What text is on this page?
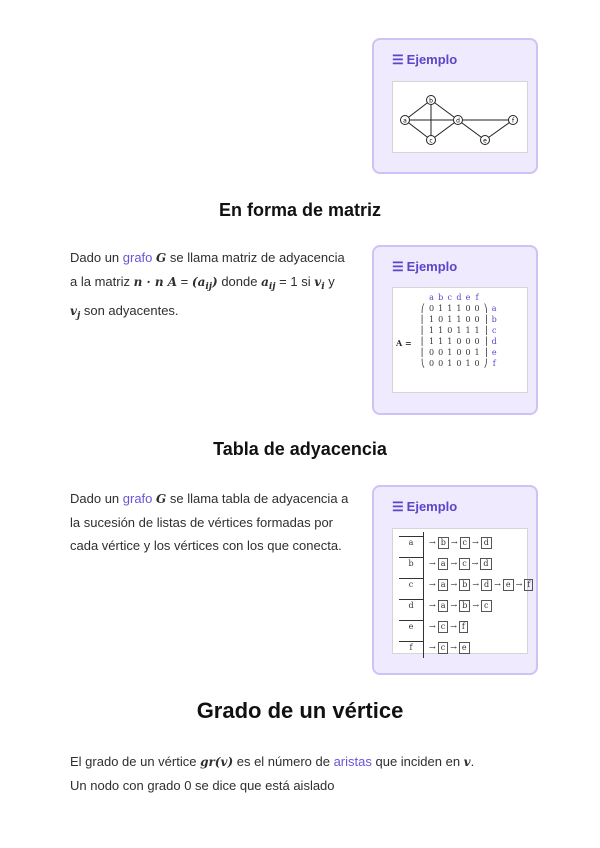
☰ Ejemplo
a
b
c
d
e
f
En forma de matriz
Dado un grafo G se llama matriz de adyacencia a la matriz n · n $A = (a_{ij})$ donde $a_{ij} = 1$ si $v_i$ y $v_j$ son adyacentes.
☰ Ejemplo
A =
	a	b	c	d	e	f		
⎛	0	1	1	1	0	0	⎞	a
⎜	1	0	1	1	0	0	⎟	b
⎜	1	1	0	1	1	1	⎟	c
⎜	1	1	1	0	0	0	⎟	d
⎜	0	0	1	0	0	1	⎟	e
⎝	0	0	1	0	1	0	⎠	f
Tabla de adyacencia
Dado un grafo G se llama tabla de adyacencia a la sucesión de listas de vértices formadas por cada vértice y los vértices con los que conecta.
☰ Ejemplo
a	→ b → c → d
b	→ a → c → d
c	→ a → b → d → e → f
d	→ a → b → c
e	→ c → f
f	→ c → e
Grado de un vértice
El grado de un vértice gr(v) es el número de aristas que inciden en v.
Un nodo con grado 0 se dice que está aislado
